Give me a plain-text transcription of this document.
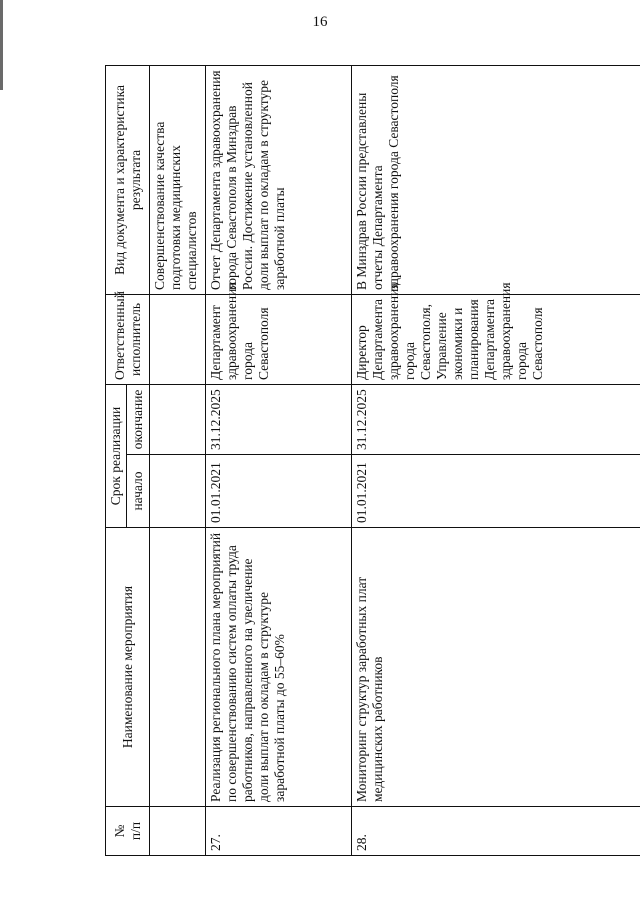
16
№
п/п	Наименование мероприятия	Срок реализации		Ответственный исполнитель	Вид документа и характеристика результата
		начало	окончание		
					Совершенствование качества подготовки медицинских специалистов
27.	Реализация регионального плана мероприятий по совершенствованию систем оплаты труда работников, направленного на увеличение доли выплат по окладам в структуре заработной платы до 55–60%	01.01.2021	31.12.2025	Департамент здравоохранения города Севастополя	Отчет Департамента здравоохранения города Севастополя в Минздрав России. Достижение установленной доли выплат по окладам в структуре заработной платы
28.	Мониторинг структур заработных плат медицинских работников	01.01.2021	31.12.2025	Директор Департамента здравоохранения города Севастополя, Управление экономики и планирования Департамента здравоохранения города Севастополя	В Минздрав России представлены отчеты Департамента здравоохранения города Севастополя
